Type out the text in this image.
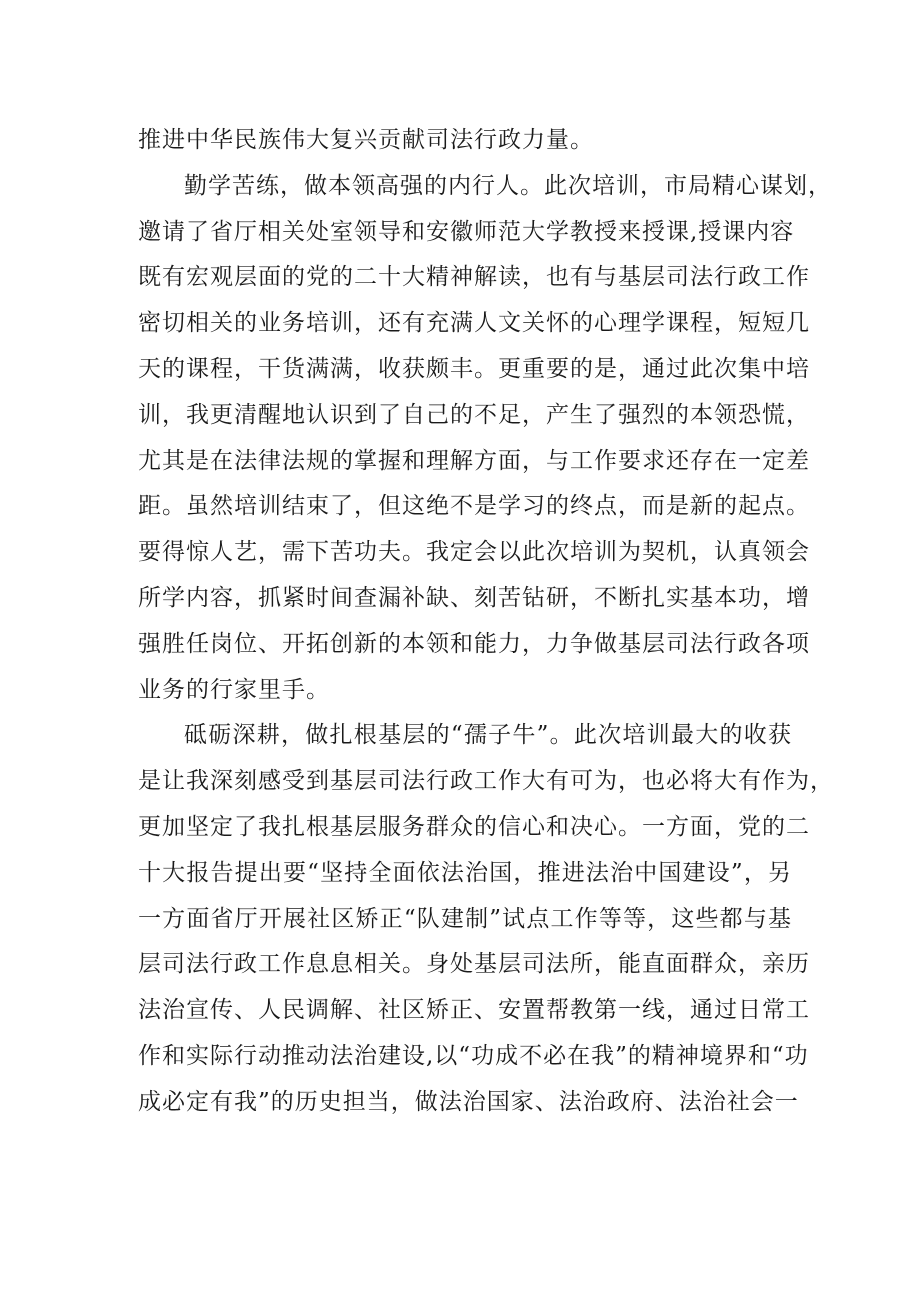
推进中华民族伟大复兴贡献司法行政力量。
勤学苦练，做本领高强的内行人。此次培训，市局精心谋划，
邀请了省厅相关处室领导和安徽师范大学教授来授课,授课内容
既有宏观层面的党的二十大精神解读，也有与基层司法行政工作
密切相关的业务培训，还有充满人文关怀的心理学课程，短短几
天的课程，干货满满，收获颇丰。更重要的是，通过此次集中培
训，我更清醒地认识到了自己的不足，产生了强烈的本领恐慌，
尤其是在法律法规的掌握和理解方面，与工作要求还存在一定差
距。虽然培训结束了，但这绝不是学习的终点，而是新的起点。
要得惊人艺，需下苦功夫。我定会以此次培训为契机，认真领会
所学内容，抓紧时间查漏补缺、刻苦钻研，不断扎实基本功，增
强胜任岗位、开拓创新的本领和能力，力争做基层司法行政各项
业务的行家里手。
砥砺深耕，做扎根基层的“孺子牛”。此次培训最大的收获
是让我深刻感受到基层司法行政工作大有可为，也必将大有作为，
更加坚定了我扎根基层服务群众的信心和决心。一方面，党的二
十大报告提出要“坚持全面依法治国，推进法治中国建设”，另
一方面省厅开展社区矫正“队建制”试点工作等等，这些都与基
层司法行政工作息息相关。身处基层司法所，能直面群众，亲历
法治宣传、人民调解、社区矫正、安置帮教第一线，通过日常工
作和实际行动推动法治建设,以“功成不必在我”的精神境界和“功
成必定有我”的历史担当，做法治国家、法治政府、法治社会一
